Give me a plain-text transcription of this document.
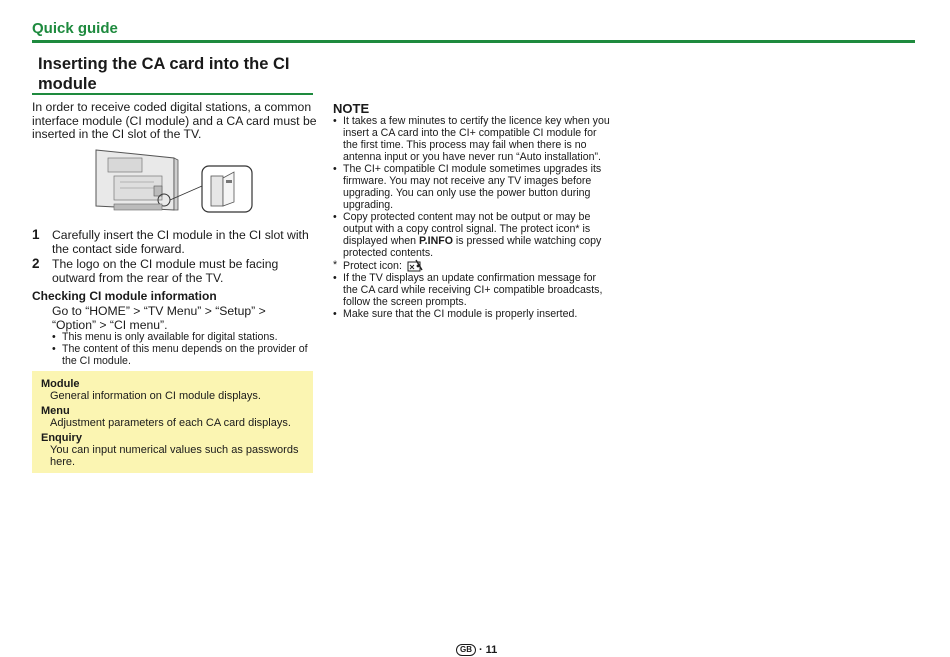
Quick guide
Inserting the CA card into the CI module
In order to receive coded digital stations, a common interface module (CI module) and a CA card must be inserted in the CI slot of the TV.
1 Carefully insert the CI module in the CI slot with the contact side forward.
2 The logo on the CI module must be facing outward from the rear of the TV.
Checking CI module information
Go to “HOME” > “TV Menu” > “Setup” > “Option” > “CI menu”.
• This menu is only available for digital stations.
• The content of this menu depends on the provider of the CI module.
Module
General information on CI module displays.
Menu
Adjustment parameters of each CA card displays.
Enquiry
You can input numerical values such as passwords here.
NOTE
• It takes a few minutes to certify the licence key when you insert a CA card into the CI+ compatible CI module for the first time. This process may fail when there is no antenna input or you have never run “Auto installation”.
• The CI+ compatible CI module sometimes upgrades its firmware. You may not receive any TV images before upgrading. You can only use the power button during upgrading.
• Copy protected content may not be output or may be output with a copy control signal. The protect icon* is displayed when P.INFO is pressed while watching copy protected contents.
* Protect icon:
• If the TV displays an update confirmation message for the CA card while receiving CI+ compatible broadcasts, follow the screen prompts.
• Make sure that the CI module is properly inserted.
GB · 11
